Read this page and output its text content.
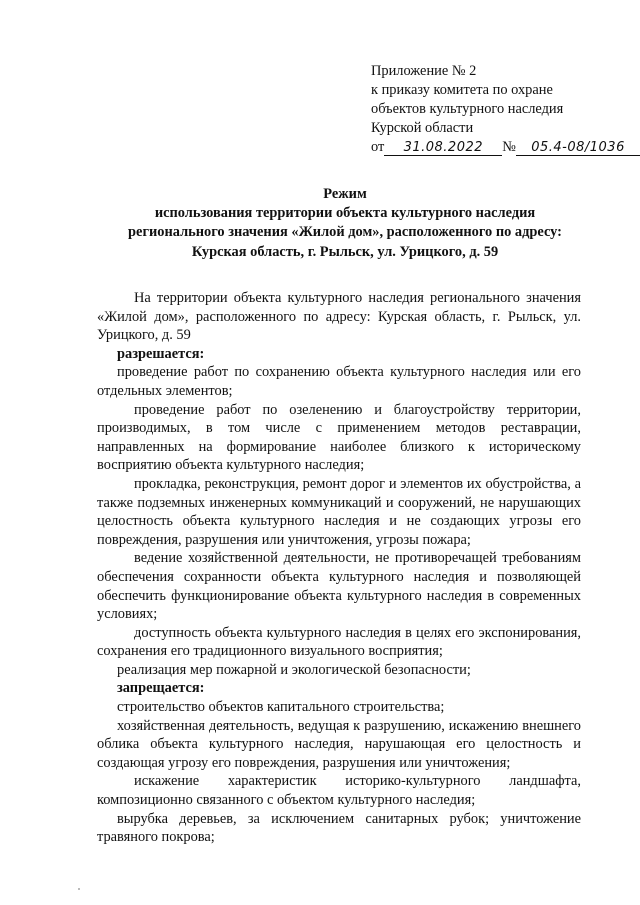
Приложение № 2
к приказу комитета по охране
объектов культурного наследия
Курской области
от 31.08.2022 № 05.4-08/1036
Режим
использования территории объекта культурного наследия
регионального значения «Жилой дом», расположенного по адресу:
Курская область, г. Рыльск, ул. Урицкого, д. 59

На территории объекта культурного наследия регионального значения «Жилой дом», расположенного по адресу: Курская область, г. Рыльск, ул. Урицкого, д. 59

разрешается:

проведение работ по сохранению объекта культурного наследия или его отдельных элементов;

проведение работ по озеленению и благоустройству территории, производимых, в том числе с применением методов реставрации, направленных на формирование наиболее близкого к историческому восприятию объекта культурного наследия;

прокладка, реконструкция, ремонт дорог и элементов их обустройства, а также подземных инженерных коммуникаций и сооружений, не нарушающих целостность объекта культурного наследия и не создающих угрозы его повреждения, разрушения или уничтожения, угрозы пожара;

ведение хозяйственной деятельности, не противоречащей требованиям обеспечения сохранности объекта культурного наследия и позволяющей обеспечить функционирование объекта культурного наследия в современных условиях;

доступность объекта культурного наследия в целях его экспонирования, сохранения его традиционного визуального восприятия;

реализация мер пожарной и экологической безопасности;

запрещается:

строительство объектов капитального строительства;

хозяйственная деятельность, ведущая к разрушению, искажению внешнего облика объекта культурного наследия, нарушающая его целостность и создающая угрозу его повреждения, разрушения или уничтожения;

искажение характеристик историко-культурного ландшафта, композиционно связанного с объектом культурного наследия;

вырубка деревьев, за исключением санитарных рубок; уничтожение травяного покрова;
